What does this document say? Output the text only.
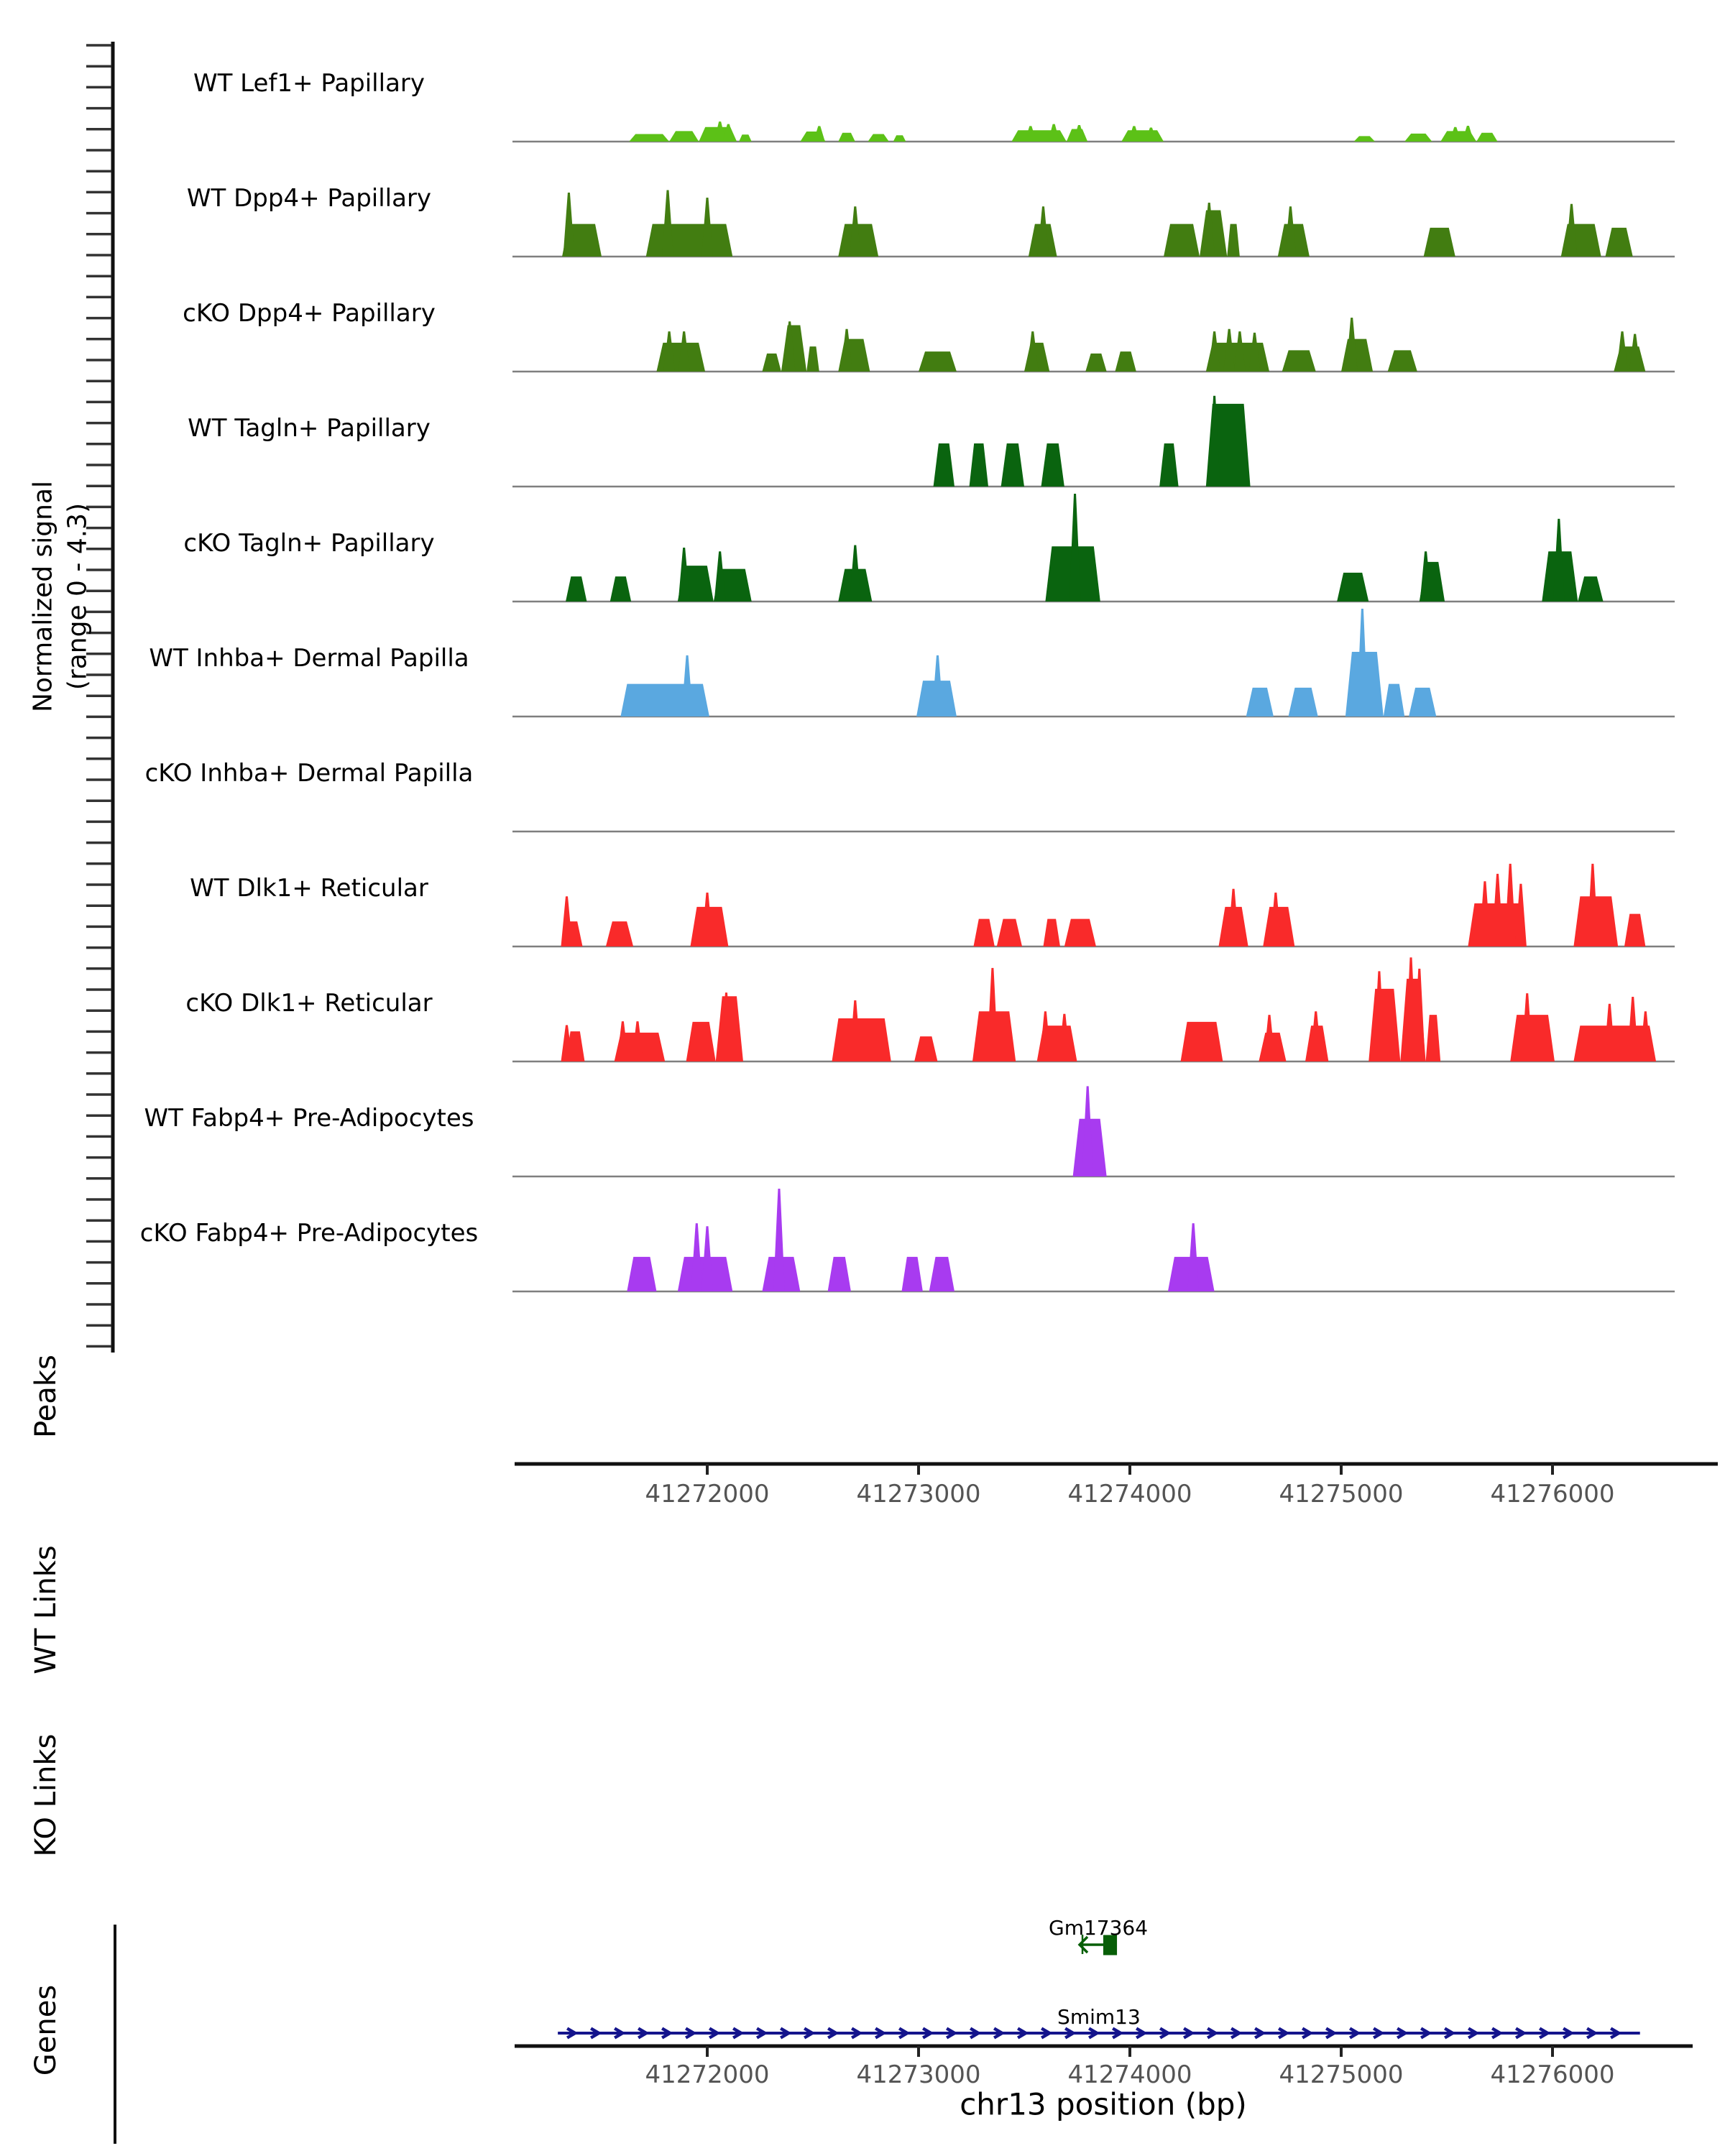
WT Lef1+ Papillary
WT Dpp4+ Papillary
cKO Dpp4+ Papillary
WT Tagln+ Papillary
cKO Tagln+ Papillary
WT Inhba+ Dermal Papilla
cKO Inhba+ Dermal Papilla
WT Dlk1+ Reticular
cKO Dlk1+ Reticular
WT Fabp4+ Pre-Adipocytes
cKO Fabp4+ Pre-Adipocytes
41272000	41273000	41274000	41275000	41276000
41272000	41273000	41274000	41275000	41276000
Gm17364
Smim13
Normalized signal (range 0 - 4.3)
Peaks
WT Links
KO Links
Genes
chr13 position (bp)
